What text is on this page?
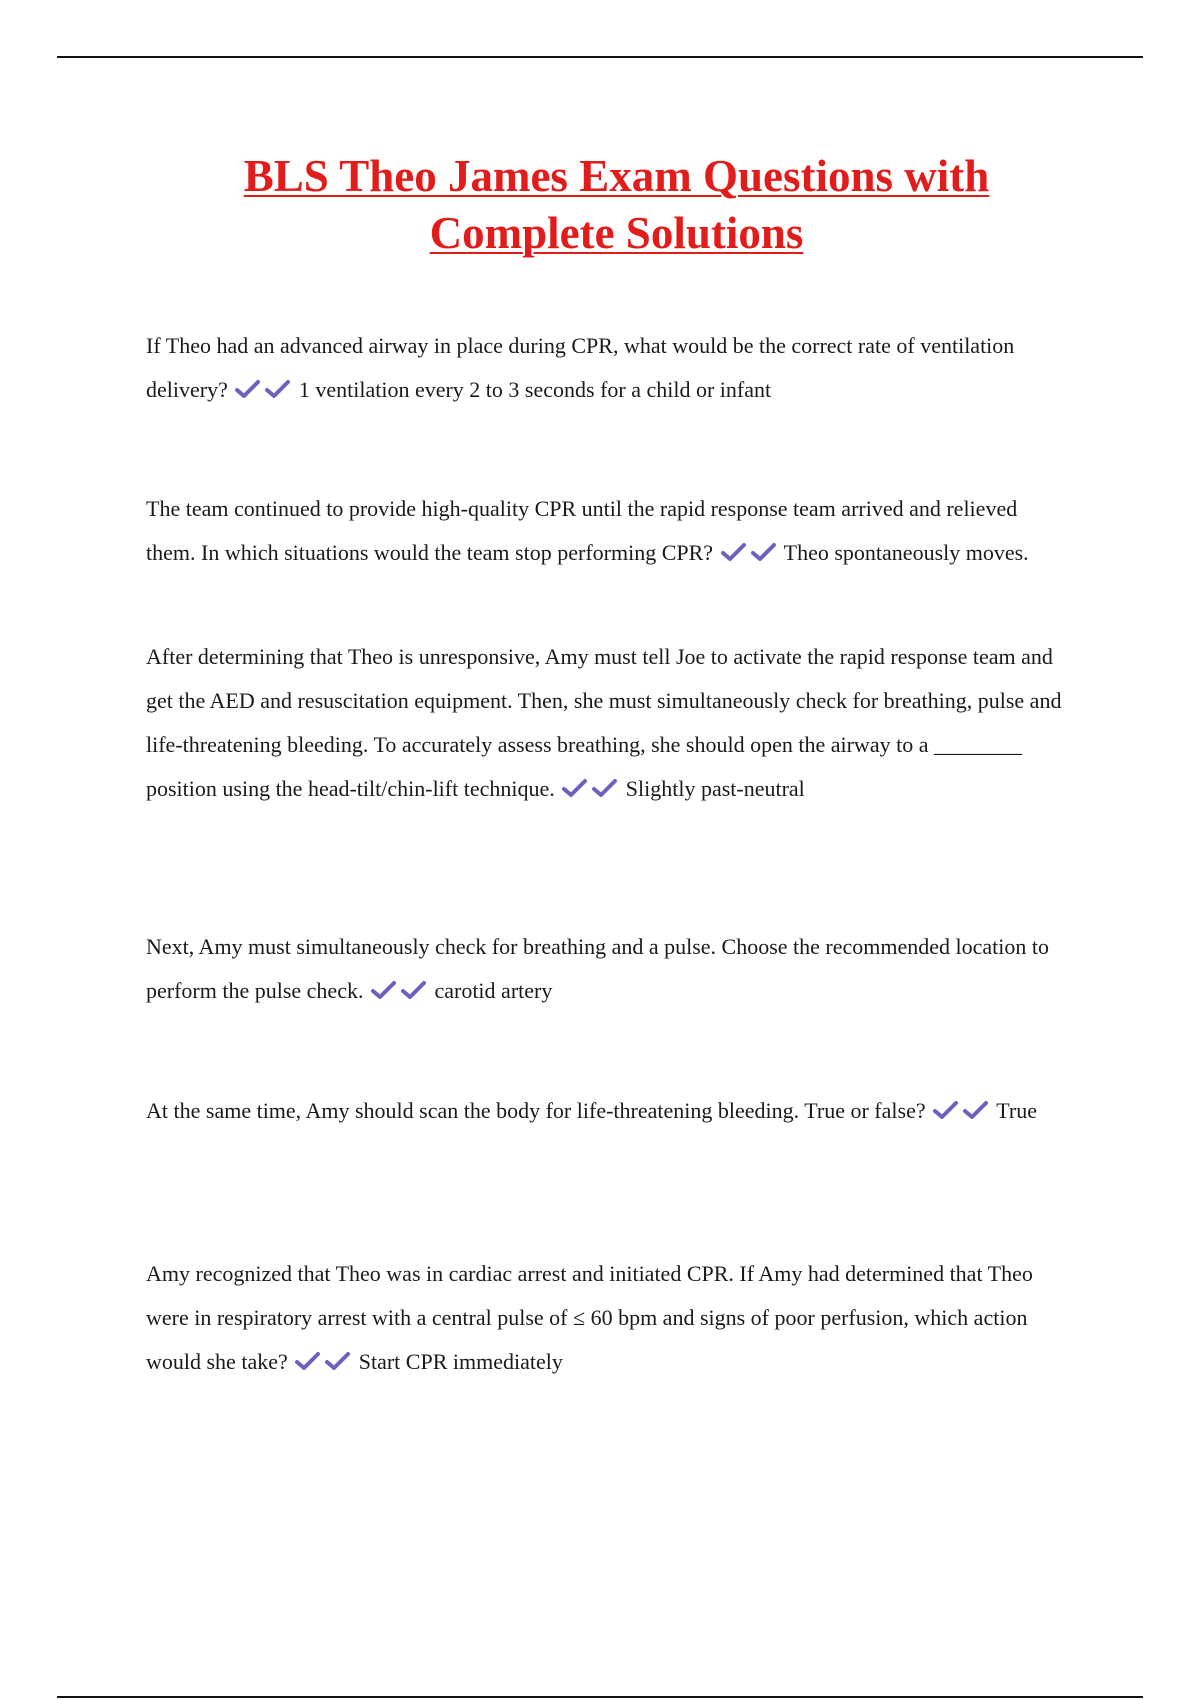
BLS Theo James Exam Questions with
Complete Solutions
If Theo had an advanced airway in place during CPR, what would be the correct rate of ventilation delivery?	1 ventilation every 2 to 3 seconds for a child or infant
The team continued to provide high-quality CPR until the rapid response team arrived and relieved them. In which situations would the team stop performing CPR?	Theo spontaneously moves.
After determining that Theo is unresponsive, Amy must tell Joe to activate the rapid response team and get the AED and resuscitation equipment. Then, she must simultaneously check for breathing, pulse and life-threatening bleeding. To accurately assess breathing, she should open the airway to a ________ position using the head-tilt/chin-lift technique.	Slightly past-neutral
Next, Amy must simultaneously check for breathing and a pulse. Choose the recommended location to perform the pulse check.	carotid artery
At the same time, Amy should scan the body for life-threatening bleeding. True or false?	True
Amy recognized that Theo was in cardiac arrest and initiated CPR. If Amy had determined that Theo were in respiratory arrest with a central pulse of ≤ 60 bpm and signs of poor perfusion, which action would she take?	Start CPR immediately
